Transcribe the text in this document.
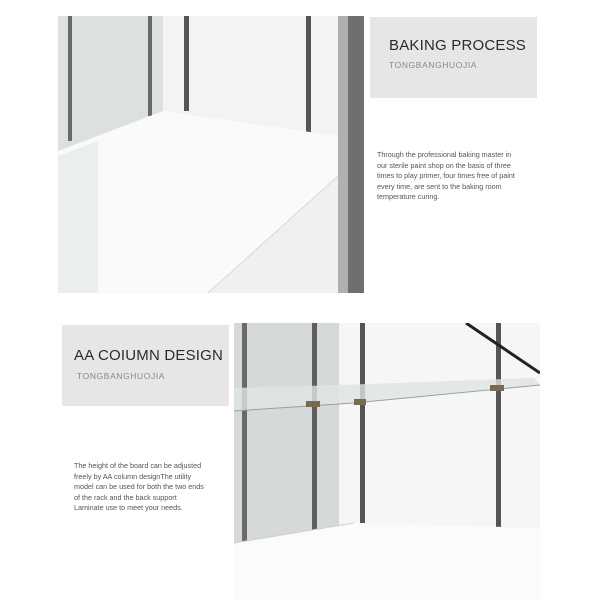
BAKING PROCESS
TONGBANGHUOJIA
Through the professional baking master in
our sterile paint shop on the basis of three
times to play primer, four times free of paint
every time, are sent to the baking room
temperature curing.
AA COIUMN DESIGN
TONGBANGHUOJIA
The height of the board can be adjusted
freely by AA column designThe utility
model can be used for both the two ends
of the rack and the back support
Laminate use to meet your needs.
